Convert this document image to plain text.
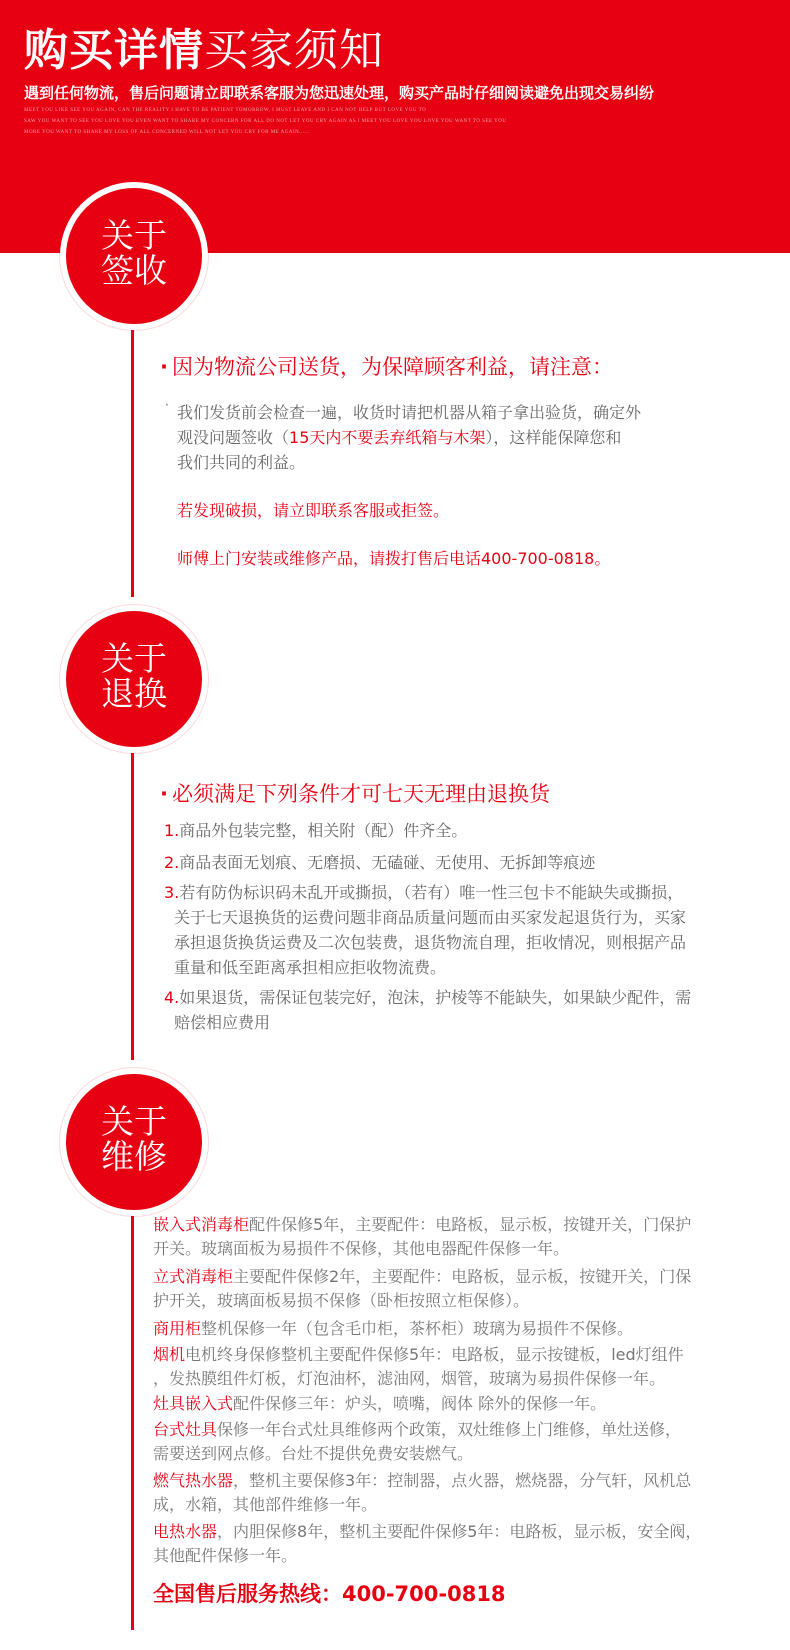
购买详情买家须知
遇到任何物流，售后问题请立即联系客服为您迅速处理，购买产品时仔细阅读避免出现交易纠纷
MEET YOU LIKE SEE YOU AGAIN, CAN THE REALITY I HAVE TO BE PATIENT TOMORROW, I MUST LEAVE AND I CAN NOT HELP BUT LOVE YOU TO
SAW YOU WANT TO SEE YOU LOVE YOU EVEN WANT TO SHARE MY CONCERN FOR ALL DO NOT LET YOU CRY AGAIN AS I MEET YOU LOVE YOU LOVE YOU WANT TO SEE YOU
MORE YOU WANT TO SHARE MY LOSS OF ALL CONCERNED WILL NOT LET YOU CRY FOR ME AGAIN......
关于
签收
· 因为物流公司送货，为保障顾客利益，请注意：
· 我们发货前会检查一遍，收货时请把机器从箱子拿出验货，确定外
观没问题签收（15天内不要丢弃纸箱与木架），这样能保障您和
我们共同的利益。
若发现破损，请立即联系客服或拒签。
师傅上门安装或维修产品，请拨打售后电话400-700-0818。
关于
退换
· 必须满足下列条件才可七天无理由退换货
1.商品外包装完整，相关附（配）件齐全。
2.商品表面无划痕、无磨损、无磕碰、无使用、无拆卸等痕迹
3.若有防伪标识码未乱开或撕损，（若有）唯一性三包卡不能缺失或撕损，
关于七天退换货的运费问题非商品质量问题而由买家发起退货行为，买家
承担退货换货运费及二次包装费，退货物流自理，拒收情况，则根据产品
重量和低至距离承担相应拒收物流费。
4.如果退货，需保证包装完好，泡沫，护棱等不能缺失，如果缺少配件，需
赔偿相应费用
关于
维修
嵌入式消毒柜配件保修5年，主要配件：电路板，显示板，按键开关，门保护
开关。玻璃面板为易损件不保修，其他电器配件保修一年。
立式消毒柜主要配件保修2年，主要配件：电路板，显示板，按键开关，门保
护开关，玻璃面板易损不保修（卧柜按照立柜保修）。
商用柜整机保修一年（包含毛巾柜，茶杯柜）玻璃为易损件不保修。
烟机电机终身保修整机主要配件保修5年：电路板，显示按键板，led灯组件
，发热膜组件灯板，灯泡油杯，滤油网，烟管，玻璃为易损件保修一年。
灶具嵌入式配件保修三年：炉头，喷嘴，阀体 除外的保修一年。
台式灶具保修一年台式灶具维修两个政策，双灶维修上门维修，单灶送修，
需要送到网点修。台灶不提供免费安装燃气。
燃气热水器，整机主要保修3年：控制器，点火器，燃烧器，分气轩，风机总
成，水箱，其他部件维修一年。
电热水器，内胆保修8年，整机主要配件保修5年：电路板，显示板，安全阀，
其他配件保修一年。
全国售后服务热线：400-700-0818
